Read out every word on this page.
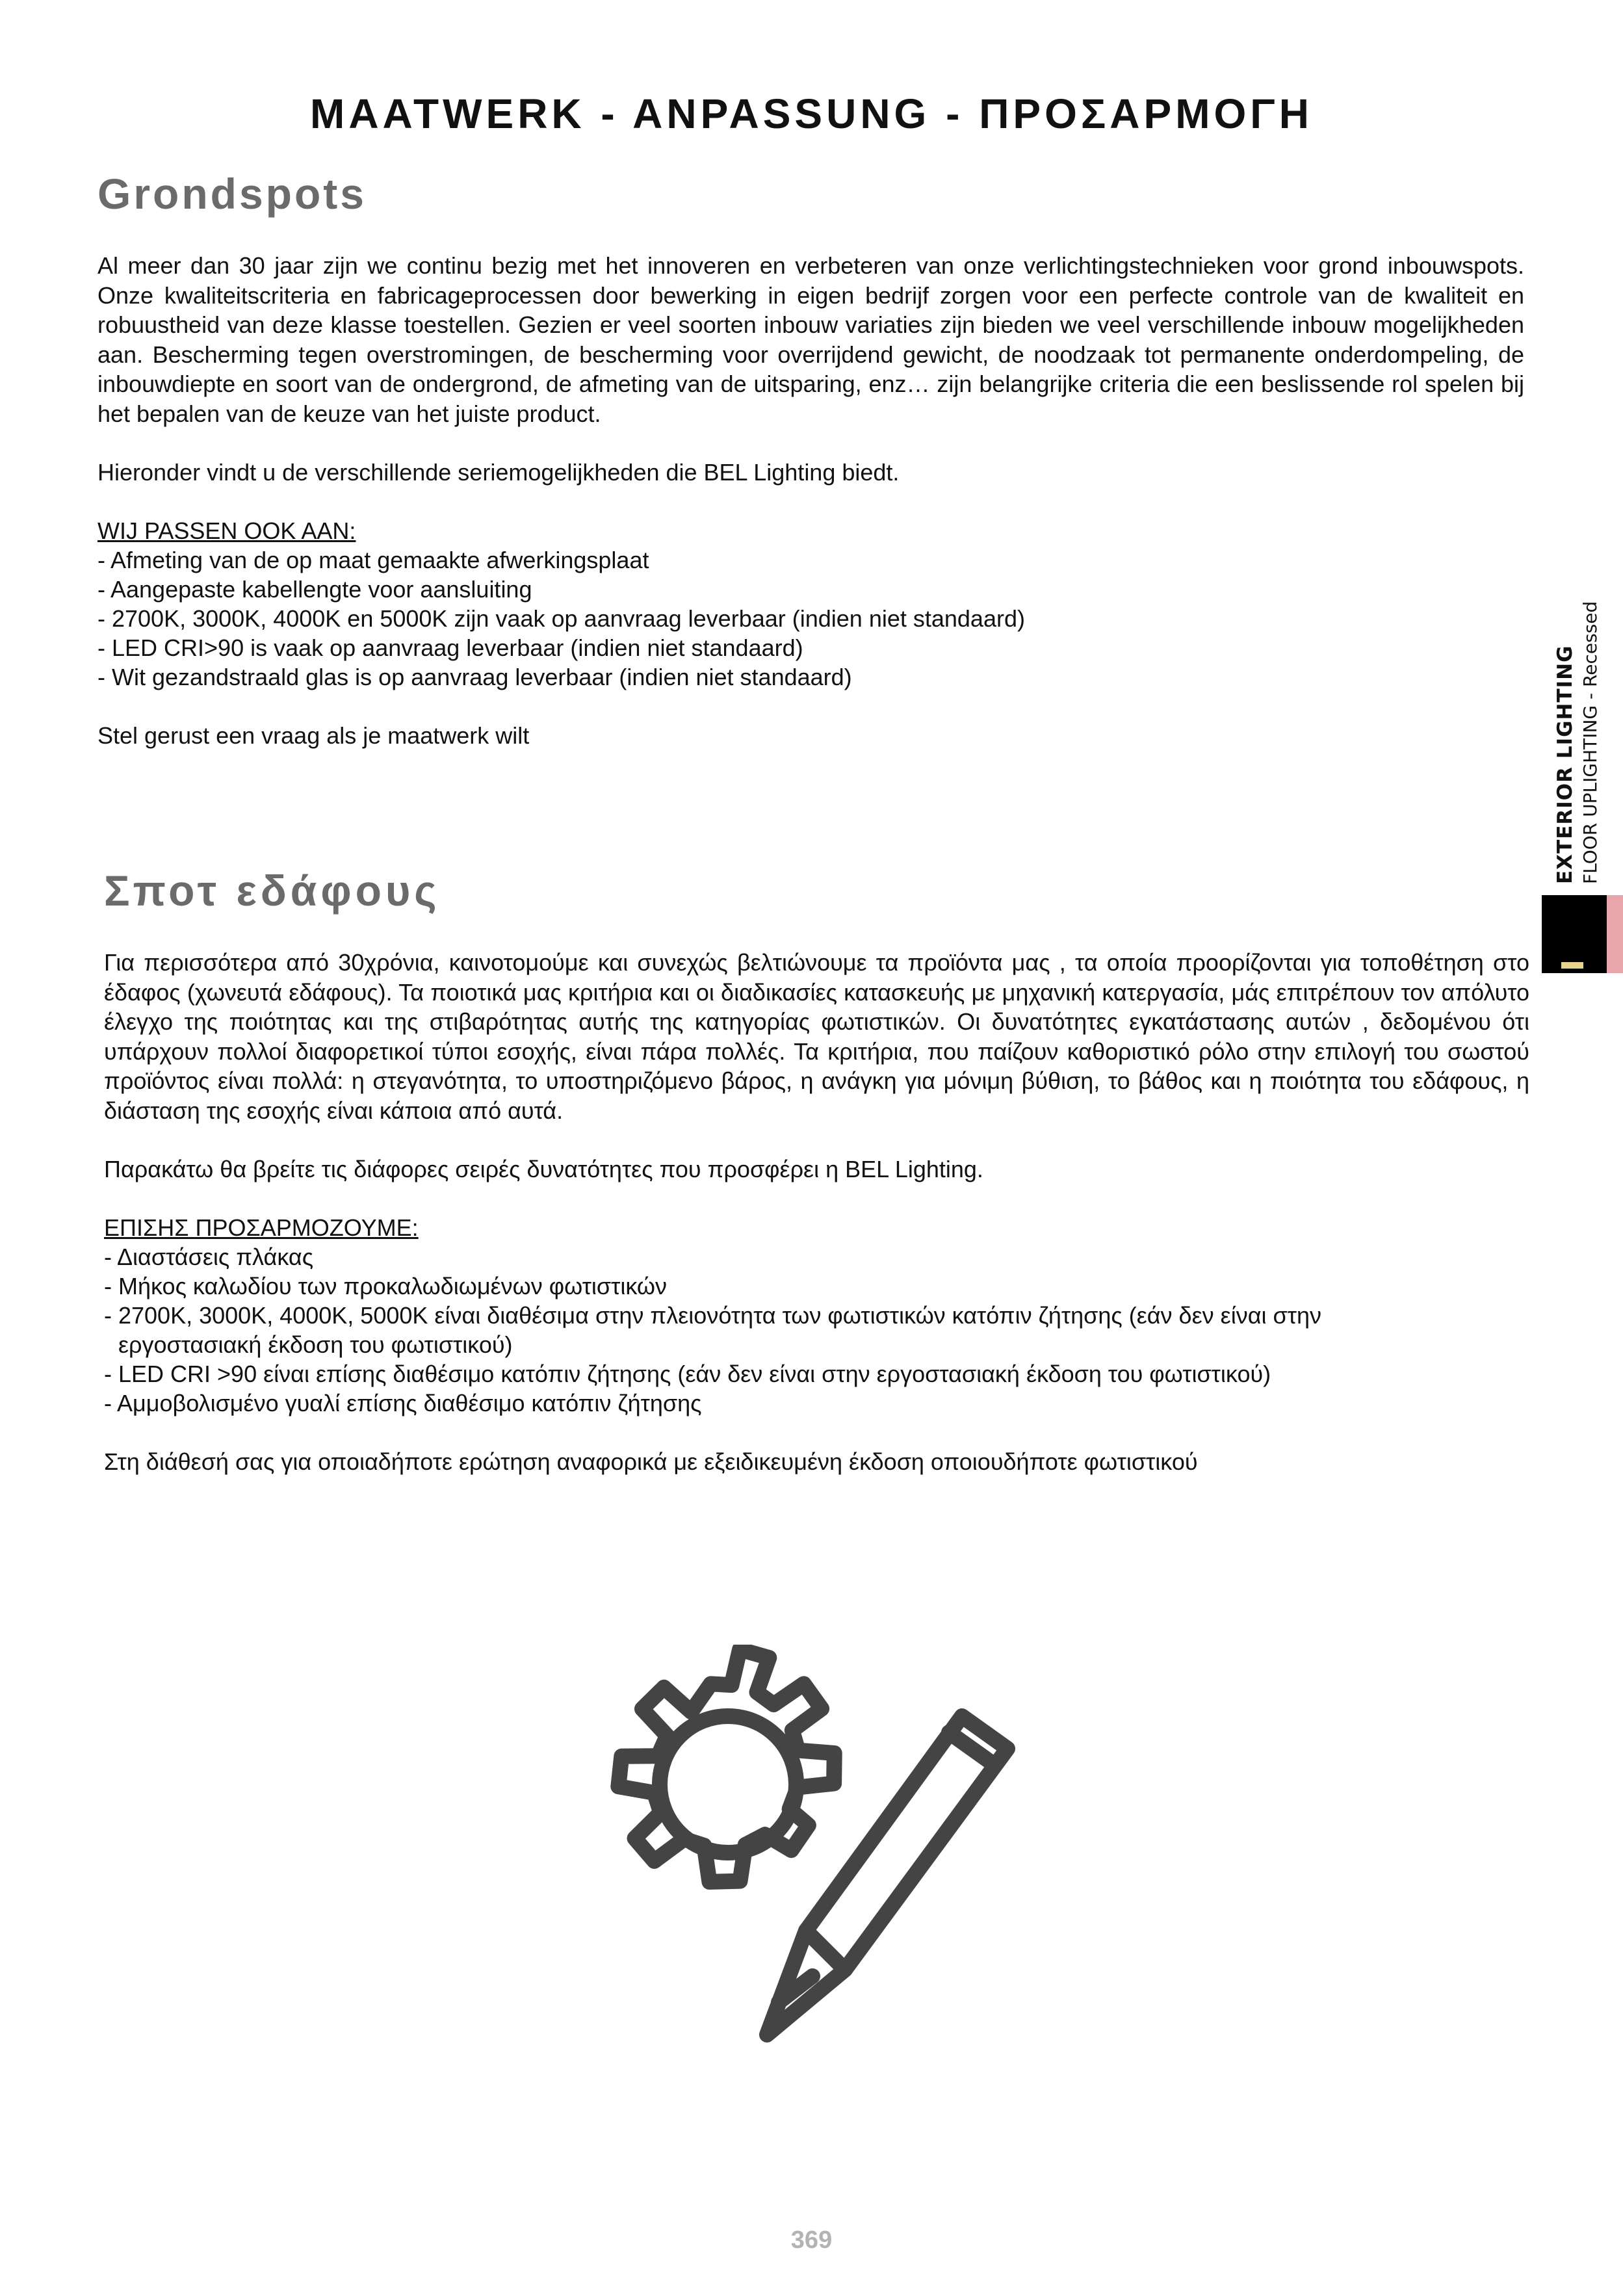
MAATWERK - ANPASSUNG - ΠΡΟΣΑΡΜΟΓΗ
Grondspots

Al meer dan 30 jaar zijn we continu bezig met het innoveren en verbeteren van onze verlichtingstechnieken voor grond inbouwspots. Onze kwaliteitscriteria en fabricageprocessen door bewerking in eigen bedrijf zorgen voor een perfecte controle van de kwaliteit en robuustheid van deze klasse toestellen. Gezien er veel soorten inbouw variaties zijn bieden we veel verschillende inbouw mogelijkheden aan. Bescherming tegen overstromingen, de bescherming voor overrijdend gewicht, de noodzaak tot permanente onderdompeling, de inbouwdiepte en soort van de ondergrond, de afmeting van de uitsparing, enz… zijn belangrijke criteria die een beslissende rol spelen bij het bepalen van de keuze van het juiste product.

Hieronder vindt u de verschillende seriemogelijkheden die BEL Lighting biedt.

WIJ PASSEN OOK AAN:

- Afmeting van de op maat gemaakte afwerkingsplaat

- Aangepaste kabellengte voor aansluiting

- 2700K, 3000K, 4000K en 5000K zijn vaak op aanvraag leverbaar (indien niet standaard)

- LED CRI>90 is vaak op aanvraag leverbaar (indien niet standaard)

- Wit gezandstraald glas is op aanvraag leverbaar (indien niet standaard)

Stel gerust een vraag als je maatwerk wilt

Σποτ εδάφους

Για περισσότερα από 30χρόνια, καινοτομούμε και συνεχώς βελτιώνουμε τα προϊόντα μας , τα οποία προορίζονται για τοποθέτηση στο έδαφος (χωνευτά εδάφους). Τα ποιοτικά μας κριτήρια και οι διαδικασίες κατασκευής με μηχανική κατεργασία, μάς επιτρέπουν τον απόλυτο έλεγχο της ποιότητας και της στιβαρότητας αυτής της κατηγορίας φωτιστικών. Οι δυνατότητες εγκατάστασης αυτών , δεδομένου ότι υπάρχουν πολλοί διαφορετικοί τύποι εσοχής, είναι πάρα πολλές. Τα κριτήρια, που παίζουν καθοριστικό ρόλο στην επιλογή του σωστού προϊόντος είναι πολλά: η στεγανότητα, το υποστηριζόμενο βάρος, η ανάγκη για μόνιμη βύθιση, το βάθος και η ποιότητα του εδάφους, η διάσταση της εσοχής είναι κάποια από αυτά.

Παρακάτω θα βρείτε τις διάφορες σειρές δυνατότητες που προσφέρει η BEL Lighting.

ΕΠΙΣΗΣ ΠΡΟΣΑΡΜΟΖΟΥΜΕ:

- Διαστάσεις πλάκας

- Μήκος καλωδίου των προκαλωδιωμένων φωτιστικών

- 2700K, 3000K, 4000K, 5000K είναι διαθέσιμα στην πλειονότητα των φωτιστικών κατόπιν ζήτησης (εάν δεν είναι στην

εργοστασιακή έκδοση του φωτιστικού)

- LED CRI >90 είναι επίσης διαθέσιμο κατόπιν ζήτησης (εάν δεν είναι στην εργοστασιακή έκδοση του φωτιστικού)

- Αμμοβολισμένο γυαλί επίσης διαθέσιμο κατόπιν ζήτησης

Στη διάθεσή σας για οποιαδήποτε ερώτηση αναφορικά με εξειδικευμένη έκδοση οποιουδήποτε φωτιστικού

EXTERIOR LIGHTING FLOOR UPLIGHTING - Recessed
369
